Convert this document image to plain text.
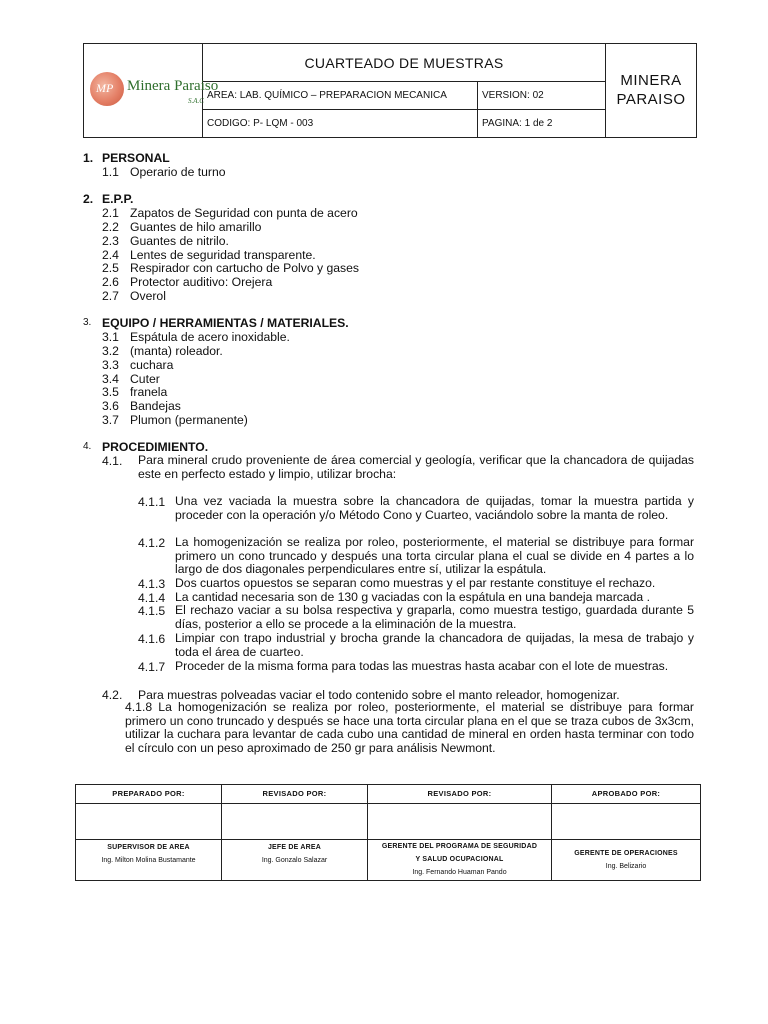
MP Minera Paraiso
S.A.C
CUARTEADO DE MUESTRAS
AREA: LAB. QUÍMICO – PREPARACION MECANICA	VERSION: 02
CODIGO: P- LQM - 003	PAGINA: 1 de 2
MINERA
PARAISO
1. PERSONAL
1.1 Operario de turno
2. E.P.P.
2.1 Zapatos de Seguridad con punta de acero
2.2 Guantes de hilo amarillo
2.3 Guantes de nitrilo.
2.4 Lentes de seguridad transparente.
2.5 Respirador con cartucho de Polvo y gases
2.6 Protector auditivo: Orejera
2.7 Overol
3. EQUIPO / HERRAMIENTAS / MATERIALES.
3.1 Espátula de acero inoxidable.
3.2 (manta) roleador.
3.3 cuchara
3.4 Cuter
3.5 franela
3.6 Bandejas
3.7 Plumon (permanente)
4. PROCEDIMIENTO.
4.1. Para mineral crudo proveniente de área comercial y geología, verificar que la chancadora de quijadas este en perfecto estado y limpio, utilizar brocha:
4.1.1 Una vez vaciada la muestra sobre la chancadora de quijadas, tomar la muestra partida y proceder con la operación y/o Método Cono y Cuarteo, vaciándolo sobre la manta de roleo.
4.1.2 La homogenización se realiza por roleo, posteriormente, el material se distribuye para formar primero un cono truncado y después una torta circular plana el cual se divide en 4 partes a lo largo de dos diagonales perpendiculares entre sí, utilizar la espátula.
4.1.3 Dos cuartos opuestos se separan como muestras y el par restante constituye el rechazo.
4.1.4 La cantidad necesaria son de 130 g vaciadas con la espátula en una bandeja marcada .
4.1.5 El rechazo vaciar a su bolsa respectiva y graparla, como muestra testigo, guardada durante 5 días, posterior a ello se procede a la eliminación de la muestra.
4.1.6 Limpiar con trapo industrial y brocha grande la chancadora de quijadas, la mesa de trabajo y toda el área de cuarteo.
4.1.7 Proceder de la misma forma para todas las muestras hasta acabar con el lote de muestras.
4.2. Para muestras polveadas vaciar el todo contenido sobre el manto releador, homogenizar.
4.1.8 La homogenización se realiza por roleo, posteriormente, el material se distribuye para formar primero un cono truncado y después se hace una torta circular plana en el que se traza cubos de 3x3cm, utilizar la cuchara para levantar de cada cubo una cantidad de mineral en orden hasta terminar con todo el círculo con un peso aproximado de 250 gr para análisis Newmont.
PREPARADO POR:
SUPERVISOR DE AREA
Ing. Milton Molina Bustamante
REVISADO POR:
JEFE DE AREA
Ing. Gonzalo Salazar
REVISADO POR:
GERENTE DEL PROGRAMA DE SEGURIDAD
Y SALUD OCUPACIONAL
Ing. Fernando Huaman Pando
APROBADO POR:
GERENTE DE OPERACIONES
Ing. Belizario
